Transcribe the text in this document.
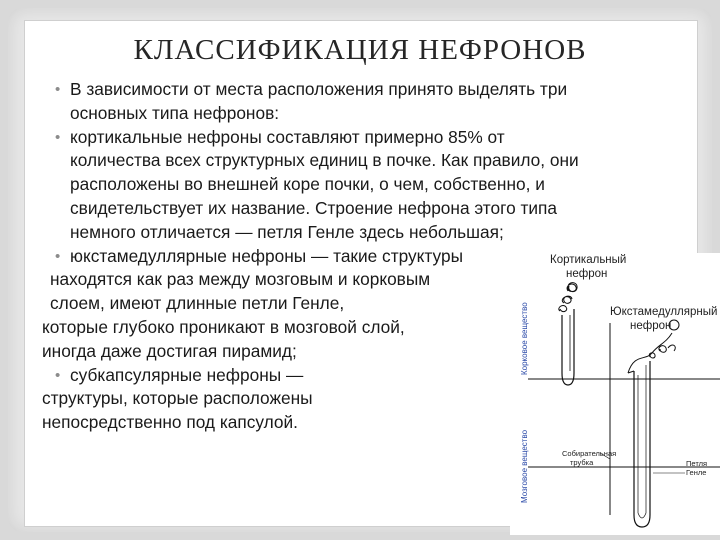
КЛАССИФИКАЦИЯ НЕФРОНОВ
• В зависимости от места расположения принято выделять три
основных типа нефронов:
• кортикальные нефроны составляют примерно 85% от
количества всех структурных единиц в почке. Как правило, они
расположены во внешней коре почки, о чем, собственно, и
свидетельствует их название. Строение нефрона этого типа
немного отличается — петля Генле здесь небольшая;
• юкстамедуллярные нефроны — такие структуры
находятся как раз между мозговым и корковым
слоем, имеют длинные петли Генле,
которые глубоко проникают в мозговой слой,
иногда даже достигая пирамид;
• субкапсулярные нефроны —
структуры, которые расположены
непосредственно под капсулой.
Кортикальный
нефрон
Юкстамедуллярный
нефрон
Корковое вещество
Мозговое вещество	Собирательная
трубка	Петля
Генле
